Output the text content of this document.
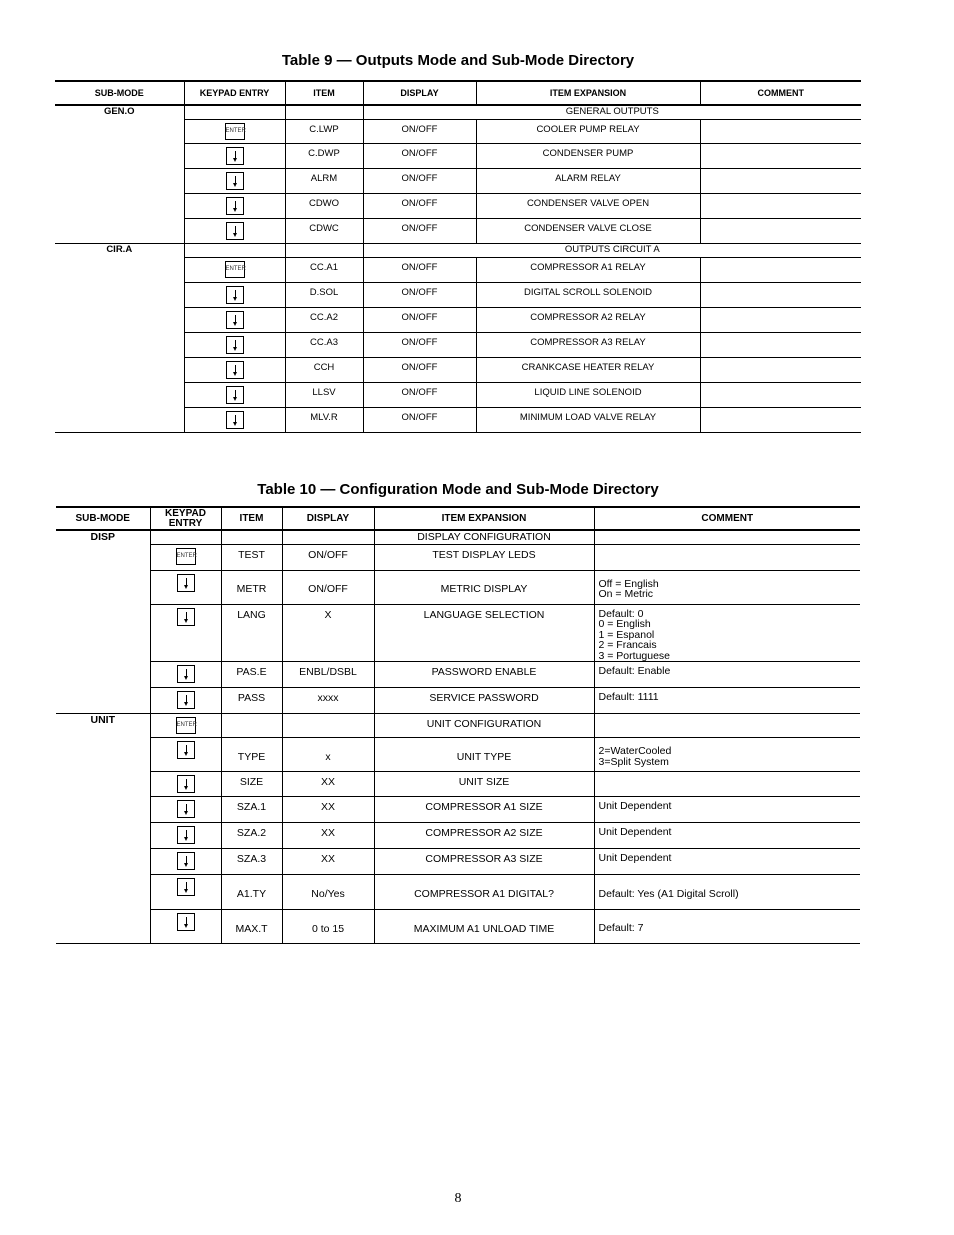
Table 9 — Outputs Mode and Sub-Mode Directory
SUB-MODE	KEYPAD ENTRY	ITEM	DISPLAY	ITEM EXPANSION	COMMENT
GEN.O			GENERAL OUTPUTS		
	ENTER	C.LWP	ON/OFF	COOLER PUMP RELAY	
		C.DWP	ON/OFF	CONDENSER PUMP	
		ALRM	ON/OFF	ALARM RELAY	
		CDWO	ON/OFF	CONDENSER VALVE OPEN	
		CDWC	ON/OFF	CONDENSER VALVE CLOSE	
CIR.A			OUTPUTS CIRCUIT A		
	ENTER	CC.A1	ON/OFF	COMPRESSOR A1 RELAY	
		D.SOL	ON/OFF	DIGITAL SCROLL SOLENOID	
		CC.A2	ON/OFF	COMPRESSOR A2 RELAY	
		CC.A3	ON/OFF	COMPRESSOR A3 RELAY	
		CCH	ON/OFF	CRANKCASE HEATER RELAY	
		LLSV	ON/OFF	LIQUID LINE SOLENOID	
		MLV.R	ON/OFF	MINIMUM LOAD VALVE RELAY	
Table 10 — Configuration Mode and Sub-Mode Directory
SUB-MODE	KEYPAD ENTRY	ITEM	DISPLAY	ITEM EXPANSION	COMMENT
DISP				DISPLAY CONFIGURATION	
	ENTER	TEST	ON/OFF	TEST DISPLAY LEDS	
		METR	ON/OFF	METRIC DISPLAY	Off = English
On = Metric
		LANG	X	LANGUAGE SELECTION	Default: 0
0 = English
1 = Espanol
2 = Francais
3 = Portuguese
		PAS.E	ENBL/DSBL	PASSWORD ENABLE	Default: Enable
		PASS	xxxx	SERVICE PASSWORD	Default: 1111
UNIT	ENTER			UNIT CONFIGURATION	
		TYPE	x	UNIT TYPE	2=WaterCooled
3=Split System
		SIZE	XX	UNIT SIZE	
		SZA.1	XX	COMPRESSOR A1 SIZE	Unit Dependent
		SZA.2	XX	COMPRESSOR A2 SIZE	Unit Dependent
		SZA.3	XX	COMPRESSOR A3 SIZE	Unit Dependent
		A1.TY	No/Yes	COMPRESSOR A1 DIGITAL?	Default: Yes (A1 Digital Scroll)
		MAX.T	0 to 15	MAXIMUM A1 UNLOAD TIME	Default: 7
8
